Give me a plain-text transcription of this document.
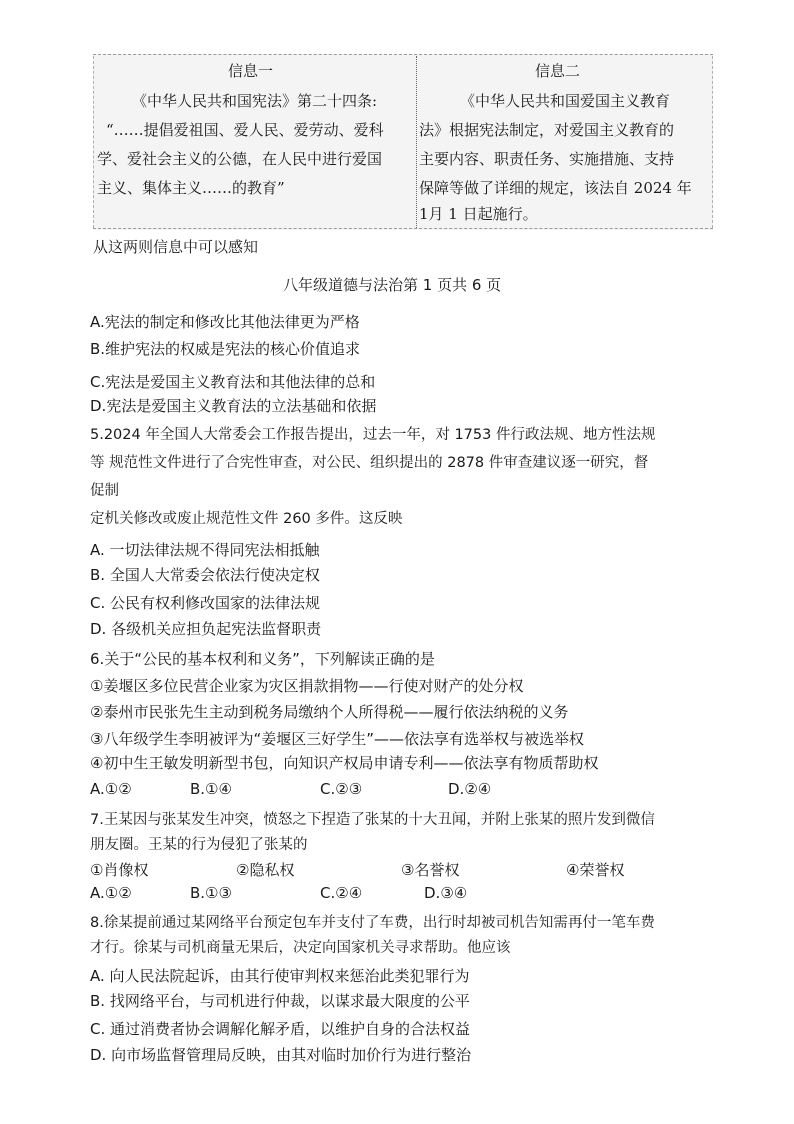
信息一
《中华人民共和国宪法》第二十四条:
“……提倡爱祖国、爱人民、爱劳动、爱科
学、爱社会主义的公德，在人民中进行爱国
主义、集体主义……的教育”
信息二
《中华人民共和国爱国主义教育
法》根据宪法制定，对爱国主义教育的
主要内容、职责任务、实施措施、支持
保障等做了详细的规定，该法自 2024 年
1月 1 日起施行。
从这两则信息中可以感知
八年级道德与法治第 1 页共 6 页
A.宪法的制定和修改比其他法律更为严格
B.维护宪法的权威是宪法的核心价值追求
C.宪法是爱国主义教育法和其他法律的总和
D.宪法是爱国主义教育法的立法基础和依据
5.2024 年全国人大常委会工作报告提出，过去一年，对 1753 件行政法规、地方性法规
等 规范性文件进行了合宪性审查，对公民、组织提出的 2878 件审查建议逐一研究，督
促制
定机关修改或废止规范性文件 260 多件。这反映
A. 一切法律法规不得同宪法相抵触
B. 全国人大常委会依法行使决定权
C. 公民有权利修改国家的法律法规
D. 各级机关应担负起宪法监督职责
6.关于“公民的基本权利和义务”，下列解读正确的是
①姜堰区多位民营企业家为灾区捐款捐物——行使对财产的处分权
②泰州市民张先生主动到税务局缴纳个人所得税——履行依法纳税的义务
③八年级学生李明被评为“姜堰区三好学生”——依法享有选举权与被选举权
④初中生王敏发明新型书包，向知识产权局申请专利——依法享有物质帮助权
A.①②	B.①④	C.②③	D.②④
7.王某因与张某发生冲突，愤怒之下捏造了张某的十大丑闻，并附上张某的照片发到微信
朋友圈。王某的行为侵犯了张某的
①肖像权	②隐私权	③名誉权	④荣誉权
A.①②	B.①③	C.②④	D.③④
8.徐某提前通过某网络平台预定包车并支付了车费，出行时却被司机告知需再付一笔车费
才行。徐某与司机商量无果后，决定向国家机关寻求帮助。他应该
A. 向人民法院起诉，由其行使审判权来惩治此类犯罪行为
B. 找网络平台，与司机进行仲裁，以谋求最大限度的公平
C. 通过消费者协会调解化解矛盾，以维护自身的合法权益
D. 向市场监督管理局反映，由其对临时加价行为进行整治
